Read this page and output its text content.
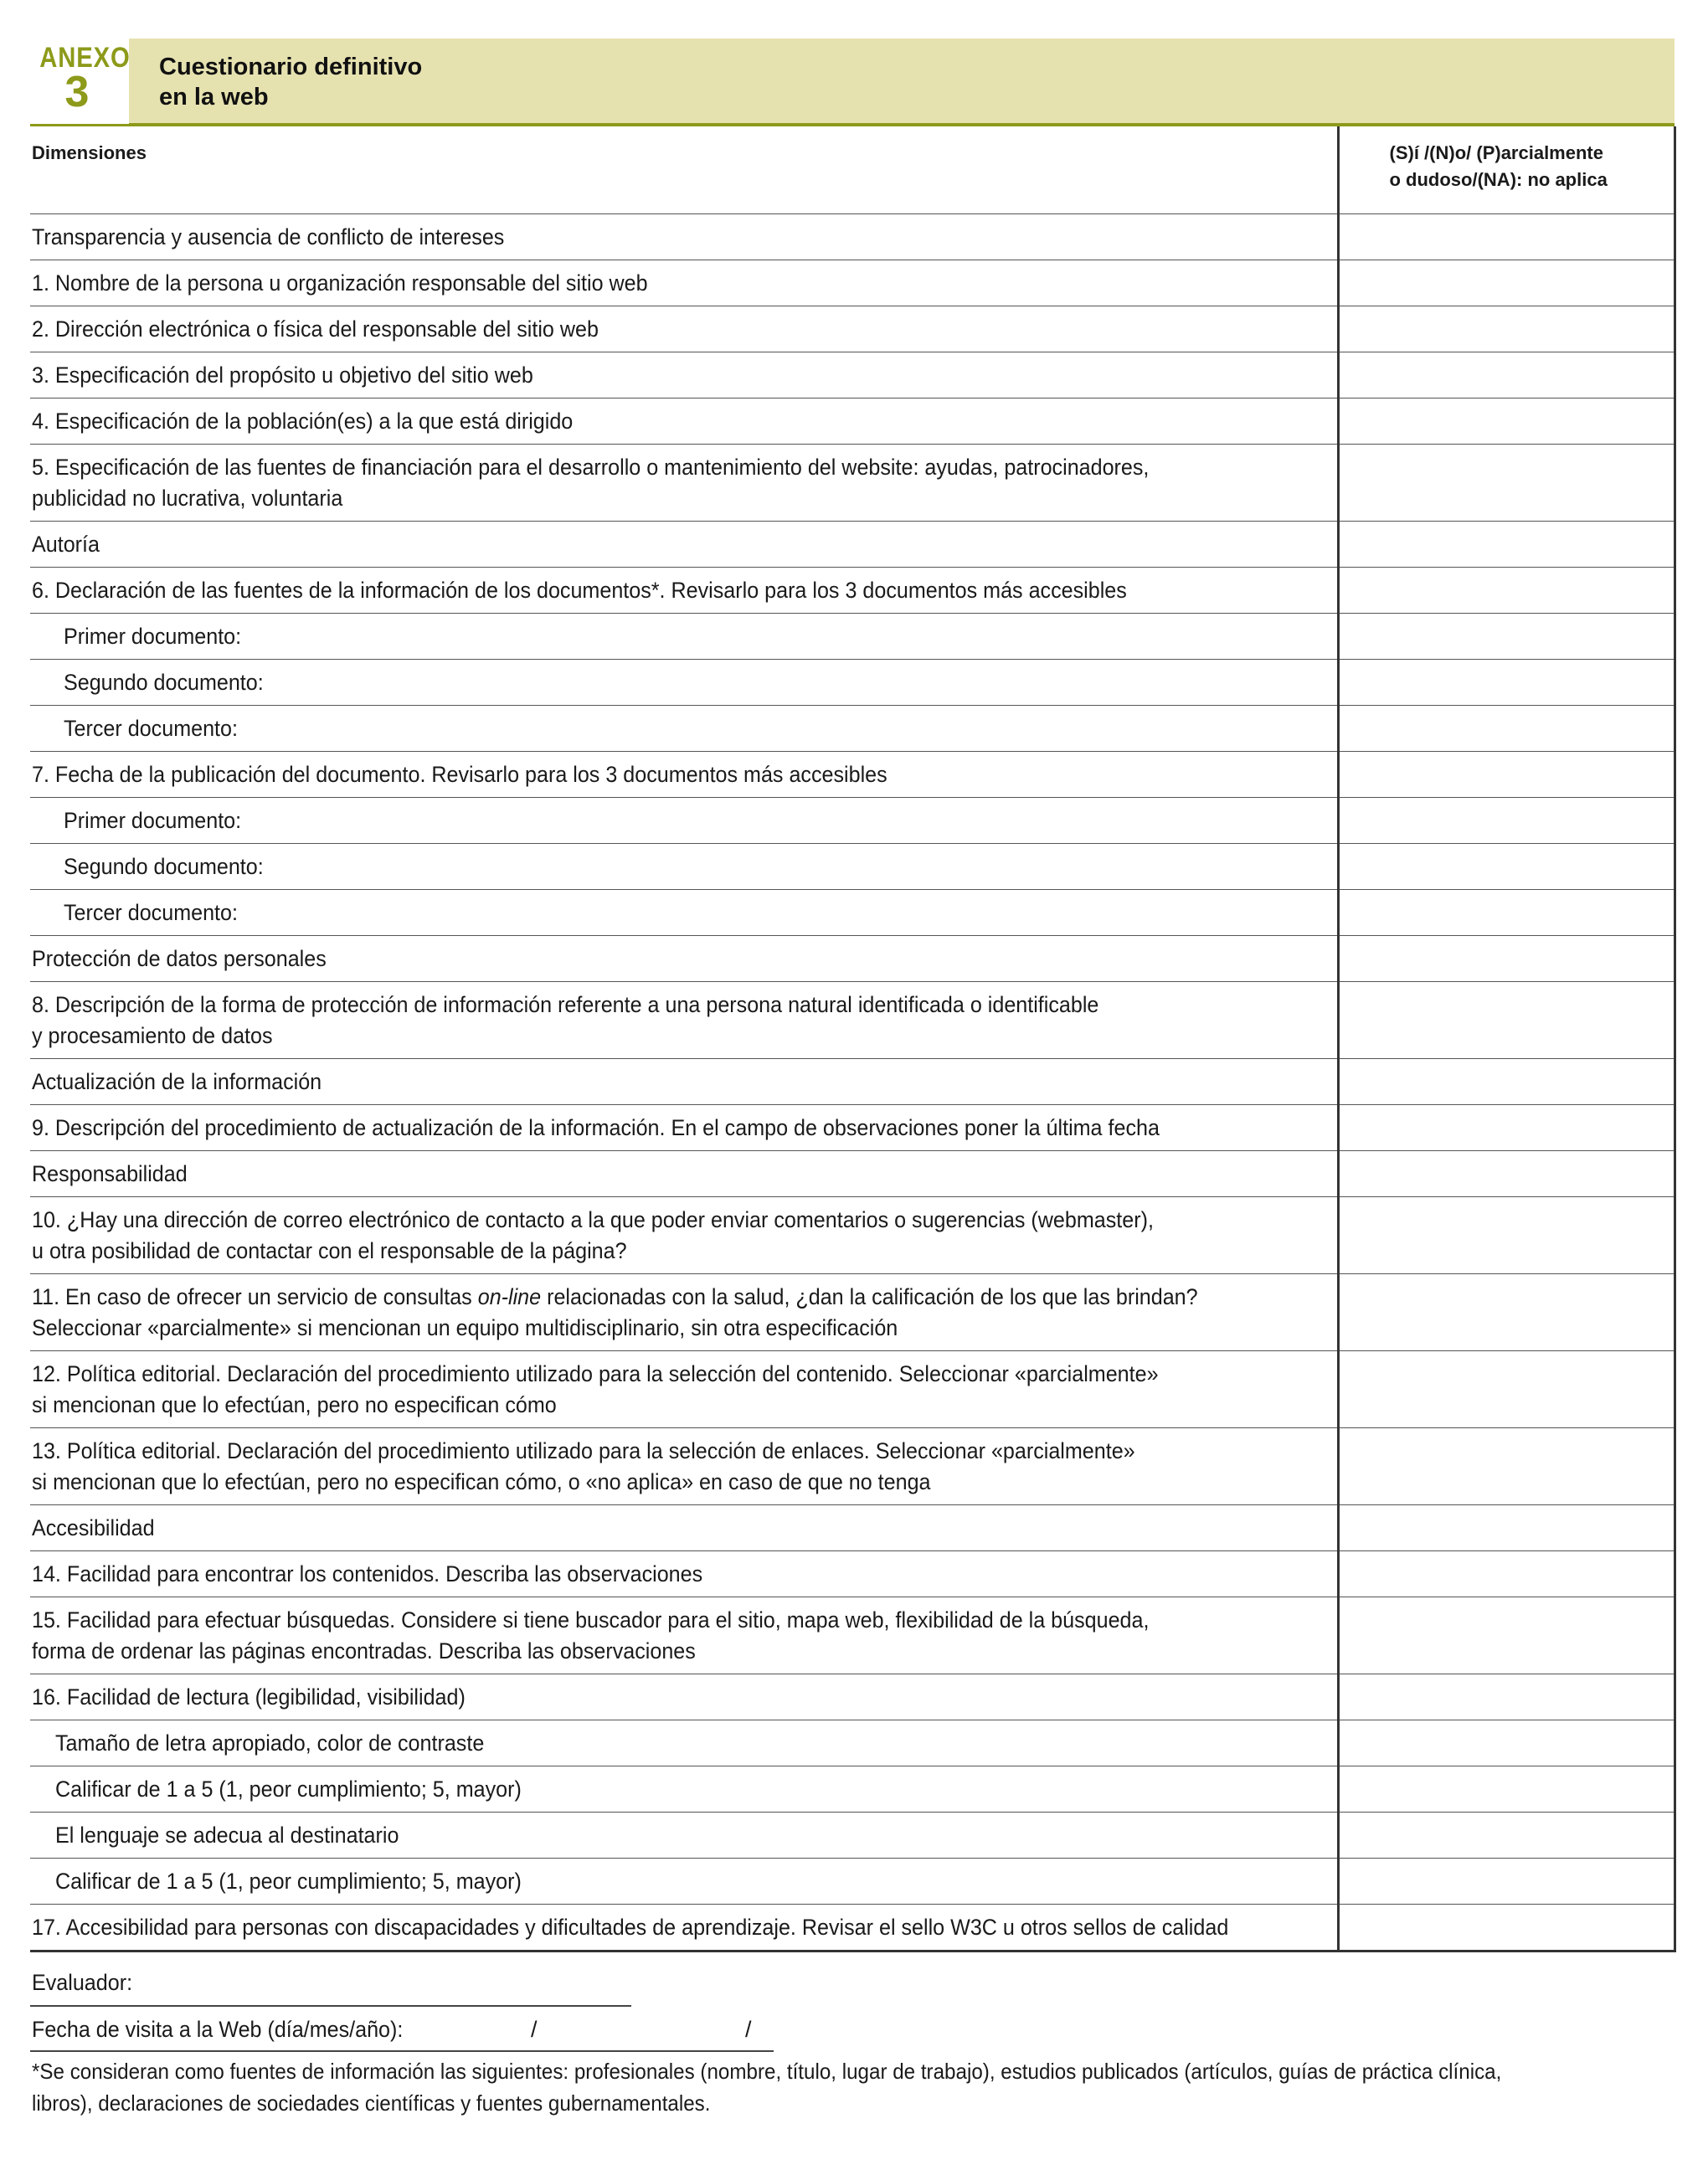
ANEXO
3
Cuestionario definitivo
en la web
Dimensiones	(S)í /(N)o/ (P)arcialmente
o dudoso/(NA): no aplica

Transparencia y ausencia de conflicto de intereses	

1. Nombre de la persona u organización responsable del sitio web	

2. Dirección electrónica o física del responsable del sitio web	

3. Especificación del propósito u objetivo del sitio web	

4. Especificación de la población(es) a la que está dirigido	

5. Especificación de las fuentes de financiación para el desarrollo o mantenimiento del website: ayudas, patrocinadores,
publicidad no lucrativa, voluntaria	

Autoría	

6. Declaración de las fuentes de la información de los documentos*. Revisarlo para los 3 documentos más accesibles	

Primer documento:	

Segundo documento:	

Tercer documento:	

7. Fecha de la publicación del documento. Revisarlo para los 3 documentos más accesibles	

Primer documento:	

Segundo documento:	

Tercer documento:	

Protección de datos personales	

8. Descripción de la forma de protección de información referente a una persona natural identificada o identificable
y procesamiento de datos	

Actualización de la información	

9. Descripción del procedimiento de actualización de la información. En el campo de observaciones poner la última fecha	

Responsabilidad	

10. ¿Hay una dirección de correo electrónico de contacto a la que poder enviar comentarios o sugerencias (webmaster),
u otra posibilidad de contactar con el responsable de la página?	

11. En caso de ofrecer un servicio de consultas on-line relacionadas con la salud, ¿dan la calificación de los que las brindan?
Seleccionar «parcialmente» si mencionan un equipo multidisciplinario, sin otra especificación	

12. Política editorial. Declaración del procedimiento utilizado para la selección del contenido. Seleccionar «parcialmente»
si mencionan que lo efectúan, pero no especifican cómo	

13. Política editorial. Declaración del procedimiento utilizado para la selección de enlaces. Seleccionar «parcialmente»
si mencionan que lo efectúan, pero no especifican cómo, o «no aplica» en caso de que no tenga	

Accesibilidad	

14. Facilidad para encontrar los contenidos. Describa las observaciones	

15. Facilidad para efectuar búsquedas. Considere si tiene buscador para el sitio, mapa web, flexibilidad de la búsqueda,
forma de ordenar las páginas encontradas. Describa las observaciones	

16. Facilidad de lectura (legibilidad, visibilidad)	

Tamaño de letra apropiado, color de contraste	

Calificar de 1 a 5 (1, peor cumplimiento; 5, mayor)	

El lenguaje se adecua al destinatario	

Calificar de 1 a 5 (1, peor cumplimiento; 5, mayor)	

17. Accesibilidad para personas con discapacidades y dificultades de aprendizaje. Revisar el sello W3C u otros sellos de calidad	

Evaluador:
Fecha de visita a la Web (día/mes/año):	/	/
*Se consideran como fuentes de información las siguientes: profesionales (nombre, título, lugar de trabajo), estudios publicados (artículos, guías de práctica clínica,
libros), declaraciones de sociedades científicas y fuentes gubernamentales.
